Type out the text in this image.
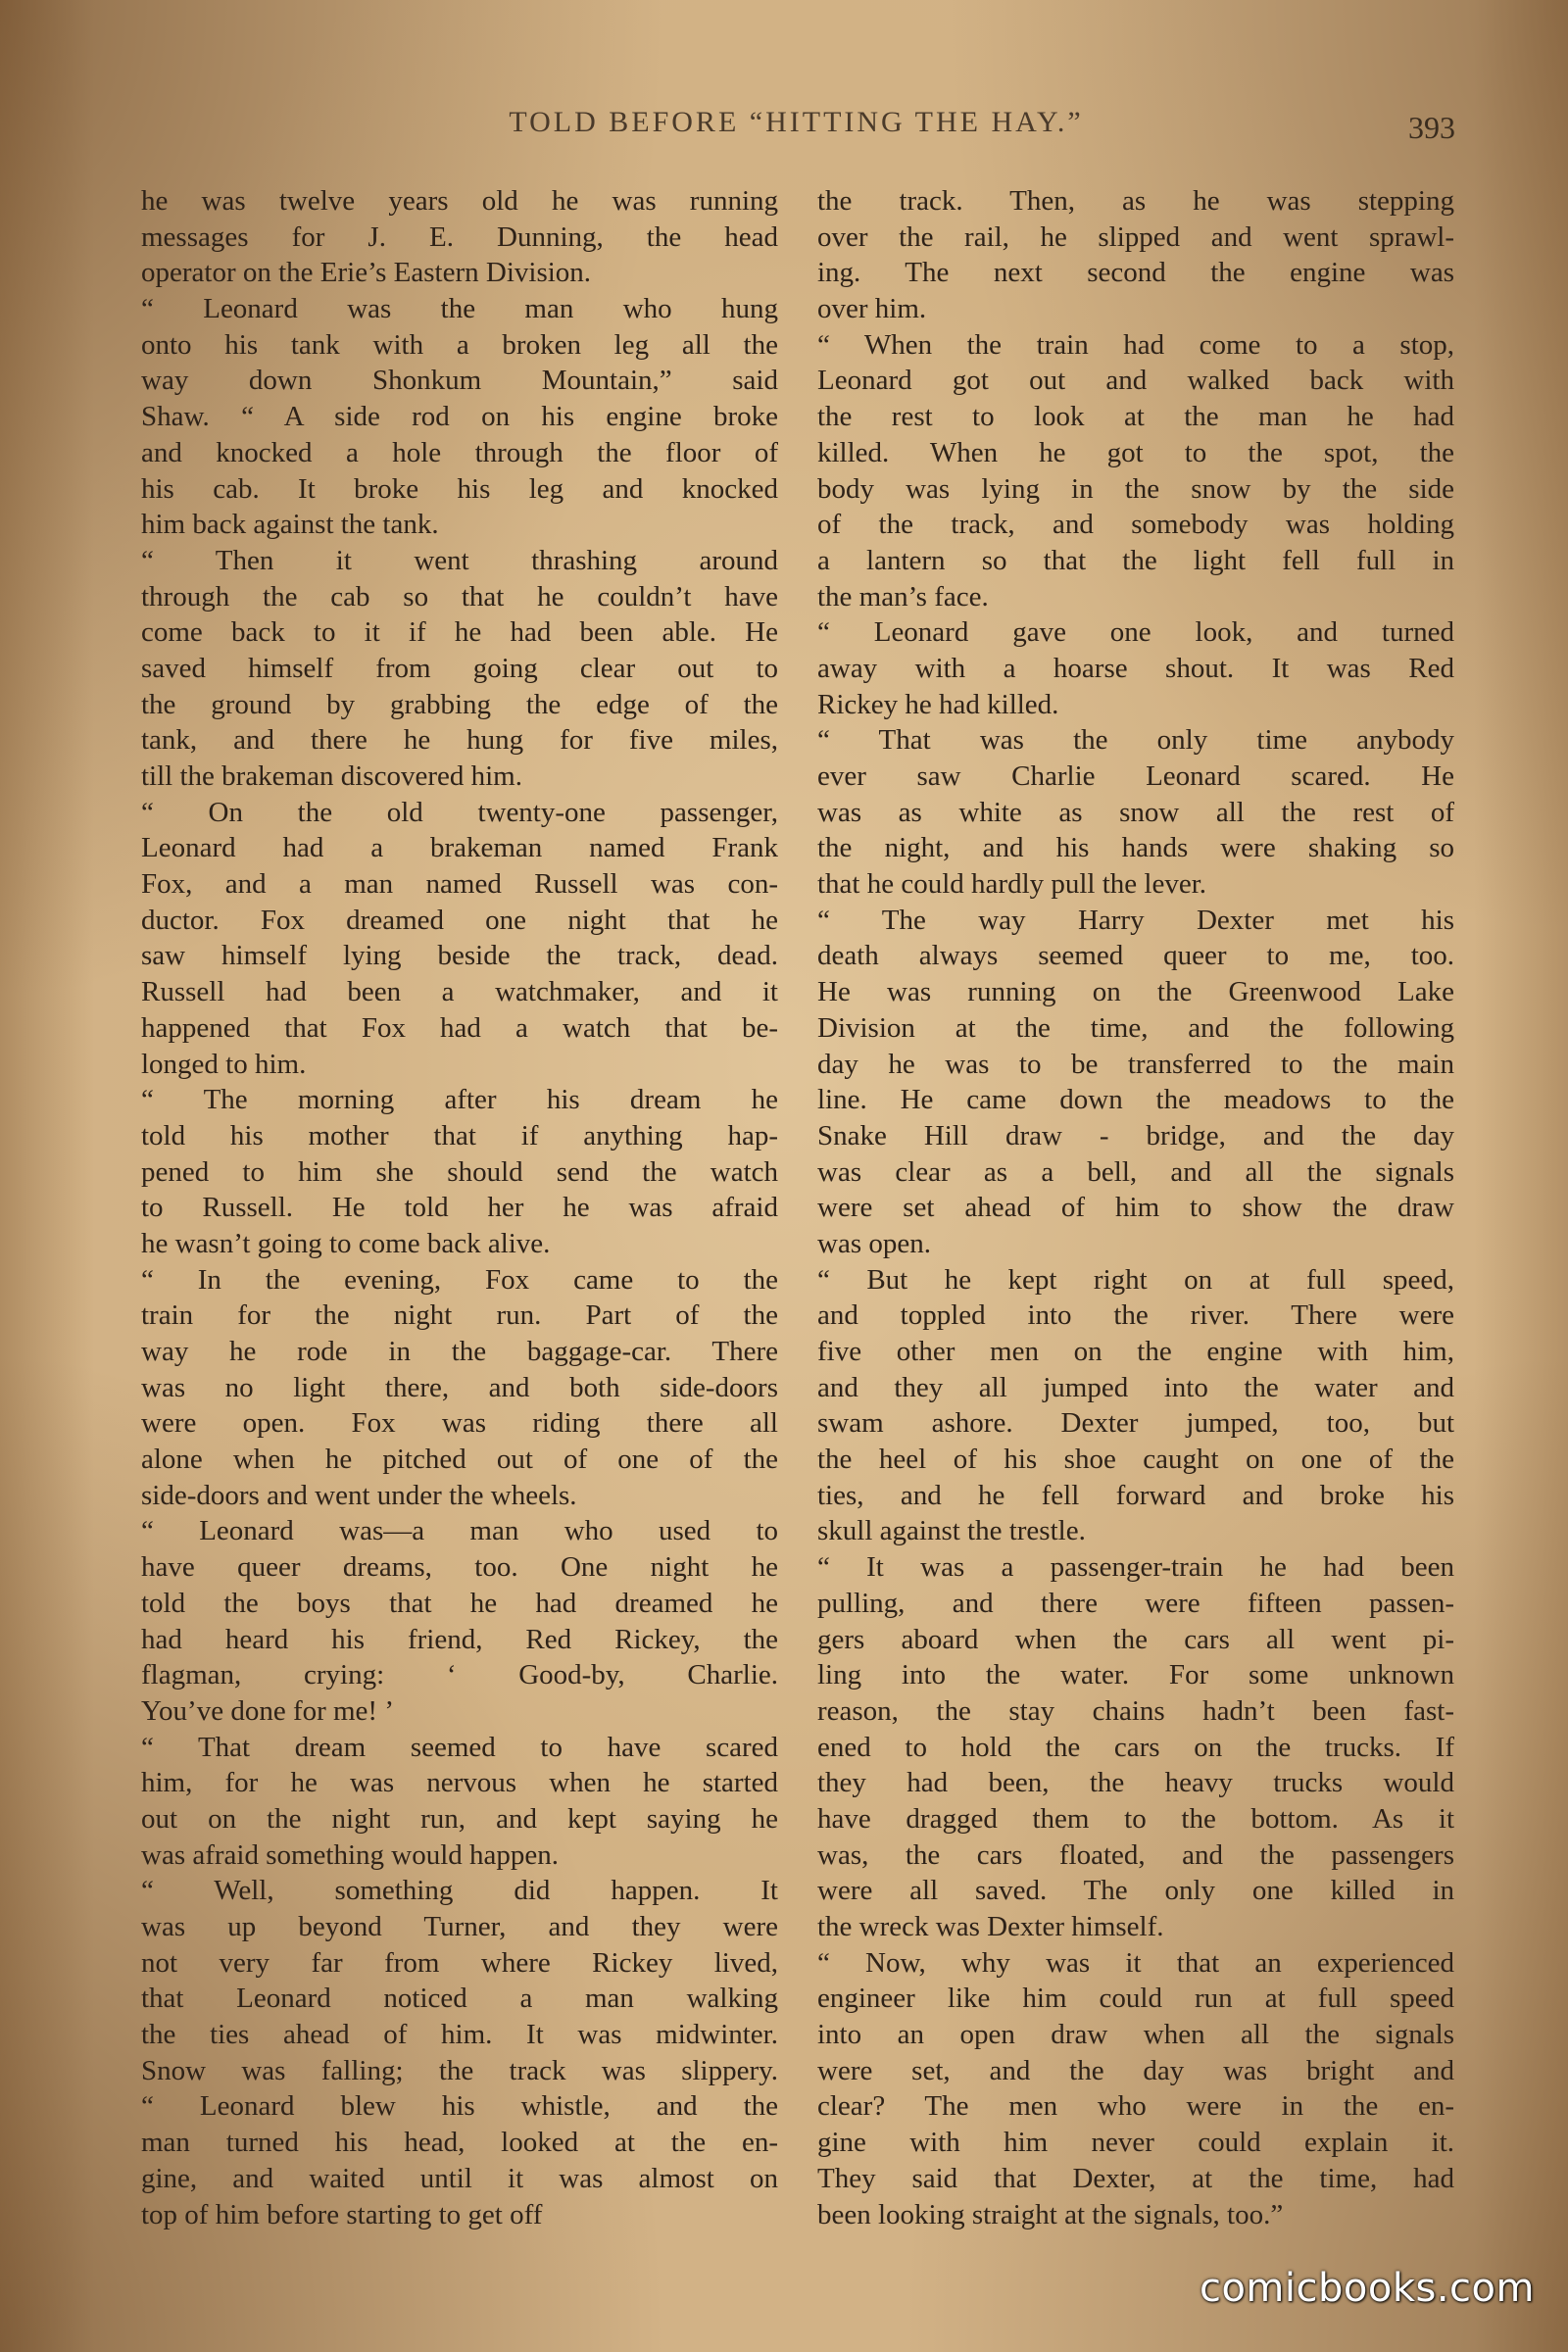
TOLD BEFORE “HITTING THE HAY.”	393
he was twelve years old he was running
messages for J. E. Dunning, the head
operator on the Erie’s Eastern Division.
“ Leonard was the man who hung
onto his tank with a broken leg all the
way down Shonkum Mountain,” said
Shaw. “ A side rod on his engine broke
and knocked a hole through the floor of
his cab. It broke his leg and knocked
him back against the tank.
“ Then it went thrashing around
through the cab so that he couldn’t have
come back to it if he had been able. He
saved himself from going clear out to
the ground by grabbing the edge of the
tank, and there he hung for five miles,
till the brakeman discovered him.
“ On the old twenty-one passenger,
Leonard had a brakeman named Frank
Fox, and a man named Russell was con-
ductor. Fox dreamed one night that he
saw himself lying beside the track, dead.
Russell had been a watchmaker, and it
happened that Fox had a watch that be-
longed to him.
“ The morning after his dream he
told his mother that if anything hap-
pened to him she should send the watch
to Russell. He told her he was afraid
he wasn’t going to come back alive.
“ In the evening, Fox came to the
train for the night run. Part of the
way he rode in the baggage-car. There
was no light there, and both side-doors
were open. Fox was riding there all
alone when he pitched out of one of the
side-doors and went under the wheels.
“ Leonard was—a man who used to
have queer dreams, too. One night he
told the boys that he had dreamed he
had heard his friend, Red Rickey, the
flagman, crying: ‘ Good-by, Charlie.
You’ve done for me! ’
“ That dream seemed to have scared
him, for he was nervous when he started
out on the night run, and kept saying he
was afraid something would happen.
“ Well, something did happen. It
was up beyond Turner, and they were
not very far from where Rickey lived,
that Leonard noticed a man walking
the ties ahead of him. It was midwinter.
Snow was falling; the track was slippery.
“ Leonard blew his whistle, and the
man turned his head, looked at the en-
gine, and waited until it was almost on
top of him before starting to get off
the track. Then, as he was stepping
over the rail, he slipped and went sprawl-
ing. The next second the engine was
over him.
“ When the train had come to a stop,
Leonard got out and walked back with
the rest to look at the man he had
killed. When he got to the spot, the
body was lying in the snow by the side
of the track, and somebody was holding
a lantern so that the light fell full in
the man’s face.
“ Leonard gave one look, and turned
away with a hoarse shout. It was Red
Rickey he had killed.
“ That was the only time anybody
ever saw Charlie Leonard scared. He
was as white as snow all the rest of
the night, and his hands were shaking so
that he could hardly pull the lever.
“ The way Harry Dexter met his
death always seemed queer to me, too.
He was running on the Greenwood Lake
Division at the time, and the following
day he was to be transferred to the main
line. He came down the meadows to the
Snake Hill draw - bridge, and the day
was clear as a bell, and all the signals
were set ahead of him to show the draw
was open.
“ But he kept right on at full speed,
and toppled into the river. There were
five other men on the engine with him,
and they all jumped into the water and
swam ashore. Dexter jumped, too, but
the heel of his shoe caught on one of the
ties, and he fell forward and broke his
skull against the trestle.
“ It was a passenger-train he had been
pulling, and there were fifteen passen-
gers aboard when the cars all went pi-
ling into the water. For some unknown
reason, the stay chains hadn’t been fast-
ened to hold the cars on the trucks. If
they had been, the heavy trucks would
have dragged them to the bottom. As it
was, the cars floated, and the passengers
were all saved. The only one killed in
the wreck was Dexter himself.
“ Now, why was it that an experienced
engineer like him could run at full speed
into an open draw when all the signals
were set, and the day was bright and
clear? The men who were in the en-
gine with him never could explain it.
They said that Dexter, at the time, had
been looking straight at the signals, too.”
comicbooks.com
